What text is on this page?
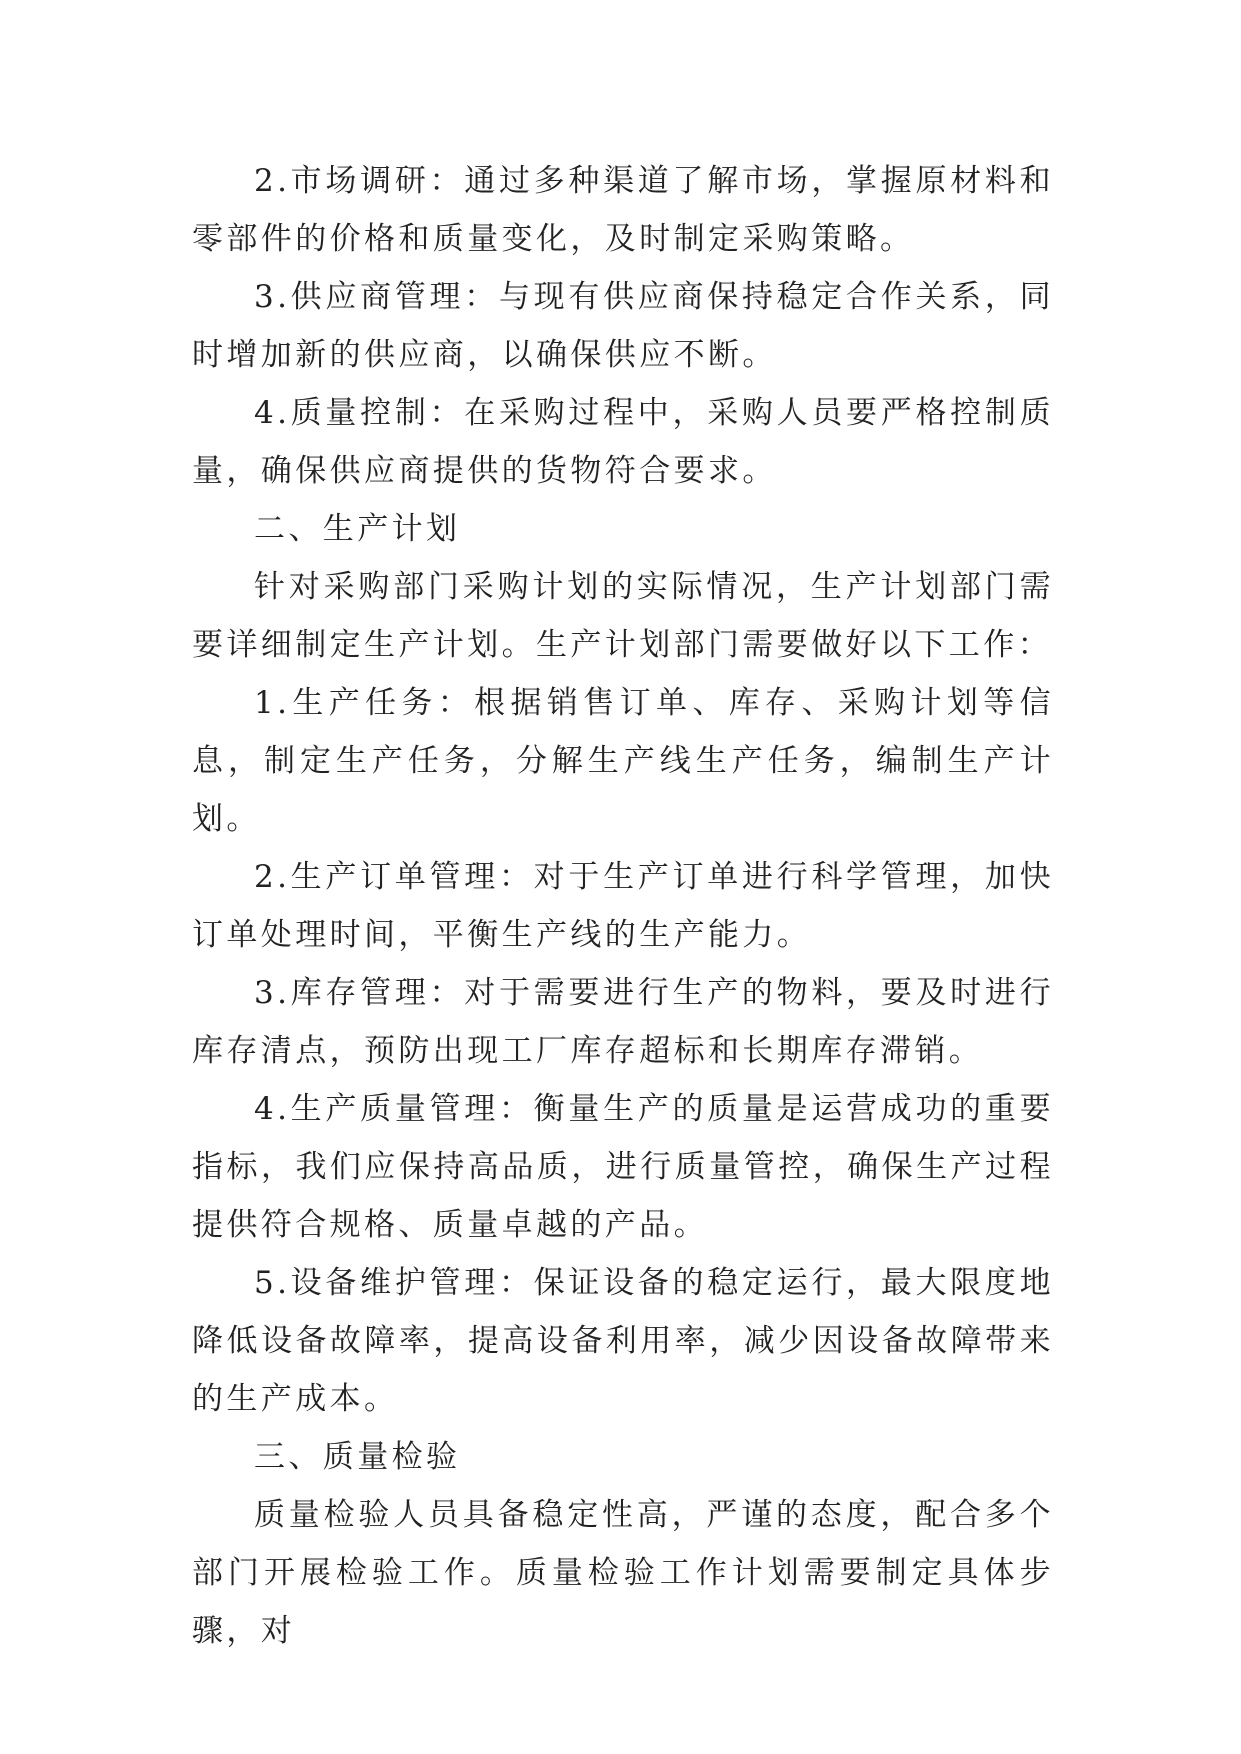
2.市场调研：通过多种渠道了解市场，掌握原材料和零部件的价格和质量变化，及时制定采购策略。

3.供应商管理：与现有供应商保持稳定合作关系，同时增加新的供应商，以确保供应不断。

4.质量控制：在采购过程中，采购人员要严格控制质量，确保供应商提供的货物符合要求。

二、生产计划

针对采购部门采购计划的实际情况，生产计划部门需要详细制定生产计划。生产计划部门需要做好以下工作：

1.生产任务：根据销售订单、库存、采购计划等信息，制定生产任务，分解生产线生产任务，编制生产计划。

2.生产订单管理：对于生产订单进行科学管理，加快订单处理时间，平衡生产线的生产能力。

3.库存管理：对于需要进行生产的物料，要及时进行库存清点，预防出现工厂库存超标和长期库存滞销。

4.生产质量管理：衡量生产的质量是运营成功的重要指标，我们应保持高品质，进行质量管控，确保生产过程提供符合规格、质量卓越的产品。

5.设备维护管理：保证设备的稳定运行，最大限度地降低设备故障率，提高设备利用率，减少因设备故障带来的生产成本。

三、质量检验

质量检验人员具备稳定性高，严谨的态度，配合多个部门开展检验工作。质量检验工作计划需要制定具体步骤，对
